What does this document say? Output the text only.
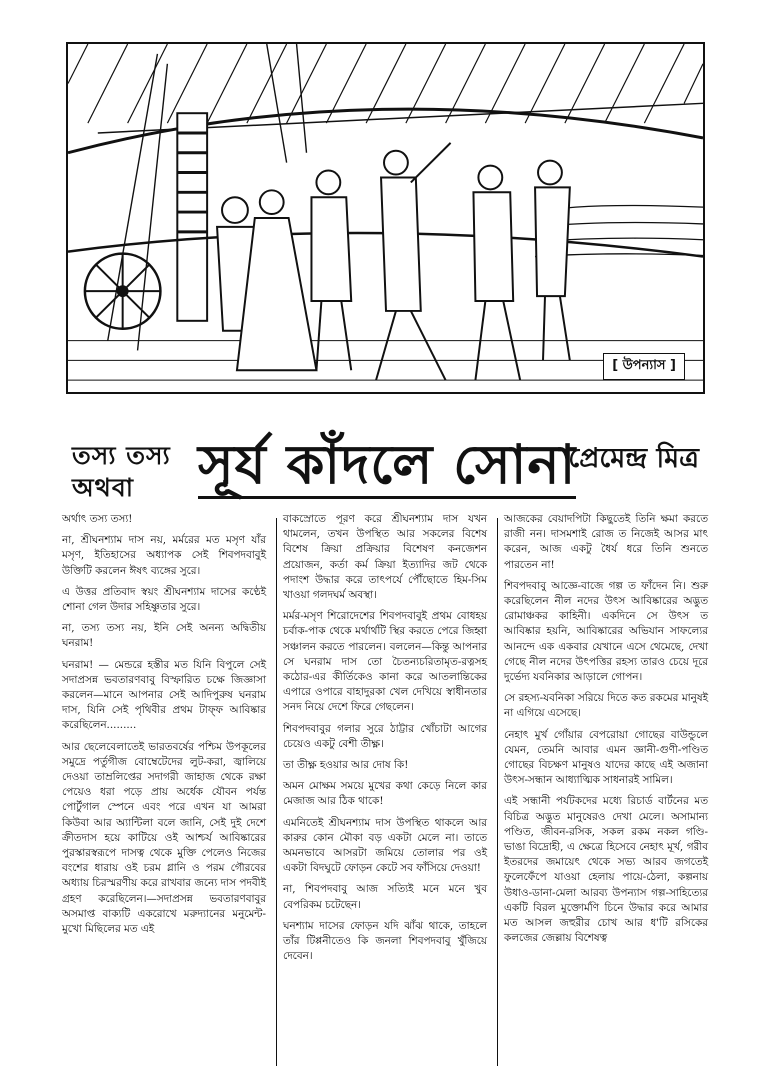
[ উপন্যাস ]
তস্য তস্য
অথবা সূর্য কাঁদলে সোনা
প্রেমেন্দ্র মিত্র

অর্থাৎ তস্য তস্য!

না, শ্রীঘনশ্যাম দাস নয়, মর্মরের মত মসৃণ যাঁর মসৃণ, ইতিহাসের অধ্যাপক সেই শিবপদবাবুই উক্তিটি করলেন ঈষৎ ব্যঙ্গের সুরে।

এ উত্তর প্রতিবাদ স্বয়ং শ্রীঘনশ্যাম দাসের কণ্ঠেই শোনা গেল উদার সহিষ্ণুতার সুরে।

না, তস্য তস্য নয়, ইনি সেই অনন্য অদ্বিতীয় ঘনরাম!

ঘনরাম! — মেন্ডরে হস্তীর মত যিনি বিপুলে সেই সদাপ্রসন্ন ভবতারণবাবু বিস্ফারিত চক্ষে জিজ্ঞাসা করলেন—মানে আপনার সেই আদিপুরুষ ঘনরাম দাস, যিনি সেই পৃথিবীর প্রথম টাফ্ফ আবিষ্কার করেছিলেন.........

আর ছেলেবেলাতেই ভারতবর্ষের পশ্চিম উপকূলের সমুদ্রে পর্তুগীজ বোম্বেটেদের লুট-করা, জ্বালিয়ে দেওয়া তাম্রলিপ্তের সদাগরী জাহাজ থেকে রক্ষা পেয়েও ধরা পড়ে প্রায় অর্ধেক যৌবন পর্যন্ত পোর্টুগাল স্পেনে এবং পরে এখন যা আমরা কিউবা আর অ্যান্টিলা বলে জানি, সেই দুই দেশে ক্রীতদাস হয়ে কাটিয়ে ওই আশ্চর্য আবিষ্কারের পুরস্কারস্বরূপে দাসত্ব থেকে মুক্তি পেলেও নিজের বংশের ধারায় ওই চরম গ্লানি ও পরম গৌরবের অধ্যায় চিরস্মরণীয় করে রাখবার জন্যে দাস পদবীই গ্রহণ করেছিলেন।—সদাপ্রসন্ন ভবতারণবাবুর অসমাপ্ত বাক্যটি একরোখে মরুদ্যানের মনুমেন্ট-মুখো মিছিলের মত এই

বাকস্রোতে পূরণ করে শ্রীঘনশ্যাম দাস যখন থামলেন, তখন উপস্থিত আর সকলের বিশেষ বিশেষ ক্রিয়া প্রক্রিয়ার বিশেষণ কনজেশন প্রয়োজন, কর্তা কর্ম ক্রিয়া ইত্যাদির জট থেকে পদাংশ উদ্ধার করে তাৎপর্যে পৌঁছোতে হিম-সিম খাওয়া গলদঘর্ম অবস্থা।

মর্মর-মসৃণ শিরোদেশের শিবপদবাবুই প্রথম বোধহয় চর্বাক-পাক থেকে মর্থার্থটি স্থির করতে পেরে জিহ্বা সঞ্চালন করতে পারলেন। বললেন—কিন্তু আপনার সে ঘনরাম দাস তো চৈতন্যচরিতামৃত-রত্নসহ কঠোর-এর কীর্তিকেও কানা করে আতলান্তিকের এপারে ওপারে বাহাদুরকা খেল দেখিয়ে স্বাধীনতার সনদ নিয়ে দেশে ফিরে গেছলেন।

শিবপদবাবুর গলার সুরে ঠাট্টার খোঁচাটা আগের চেয়েও একটু বেশী তীক্ষ্ণ।

তা তীক্ষ্ণ হওয়ার আর দোষ কি!

অমন মোক্ষম সময়ে মুখের কথা কেড়ে নিলে কার মেজাজ আর ঠিক থাকে!

এমনিতেই শ্রীঘনশ্যাম দাস উপস্থিত থাকলে আর কারুর কোন মৌকা বড় একটা মেলে না। তাতে অমনভাবে আসরটা জমিয়ে তোলার পর ওই একটা বিদঘুটে ফোড়ন কেটে সব ফাঁসিয়ে দেওয়া!

না, শিবপদবাবু আজ সত্যিই মনে মনে খুব বেপরিকম চটেছেন।

ঘনশ্যাম দাসের ফোড়ন যদি ঝাঁঝ থাকে, তাহলে তাঁর টিপ্পনীতেও কি জনলা শিবপদবাবু খুঁজিয়ে দেবেন।

আজকের বেয়াদপিটা কিছুতেই তিনি ক্ষমা করতে রাজী নন। দাসমশাই রোজ ত নিজেই আসর মাৎ করেন, আজ একটু ধৈর্য ধরে তিনি শুনতে পারতেন না!

শিবপদবাবু আজ্ঞে-বাজে গল্প ত ফাঁদেন নি। শুরু করেছিলেন নীল নদের উৎস আবিষ্কারের অদ্ভুত রোমাঞ্চকর কাহিনী। একদিনে সে উৎস ত আবিষ্কার হয়নি, আবিষ্কারের অভিযান সাফল্যের আনন্দে এক একবার যেখানে এসে থেমেছে, দেখা গেছে নীল নদের উৎপত্তির রহস্য তারও চেয়ে দূরে দুর্ভেদ্য যবনিকার আড়ালে গোপন।

সে রহস্য-যবনিকা সরিয়ে দিতে কত রকমের মানুষই না এগিয়ে এসেছে।

নেহাৎ মুর্খ গোঁয়ার বেপরোয়া গোছের বাউন্ডুলে যেমন, তেমনি আবার এমন জ্ঞানী-গুণী-পণ্ডিত গোছের বিচক্ষণ মানুষও যাদের কাছে এই অজানা উৎস-সন্ধান আধ্যাত্মিক সাধনারই সামিল।

এই সন্ধানী পর্যটকদের মধ্যে রিচার্ড বার্টনের মত বিচিত্র অদ্ভুত মানুষেরও দেখা মেলে। অসামান্য পণ্ডিত, জীবন-রসিক, সকল রকম নকল গণ্ডি-ভাঙা বিদ্রোহী, এ ক্ষেত্রে হিসেবে নেহাৎ মূর্খ, গরীব ইতরদের জমায়েৎ থেকে সভ্য আরব জগতেই ফুলেফেঁপে যাওয়া হেলায় পায়ে-ঠেলা, কল্পনায় উধাও-ডানা-মেলা আরব্য উপন্যাস গল্প-সাহিত্যের একটি বিরল মুক্তোর্মণি চিনে উদ্ধার করে আমার মত আসল জহুরীর চোখ আর ধ'টি রসিকের কলজের জেল্লায় বিশেষত্ব
